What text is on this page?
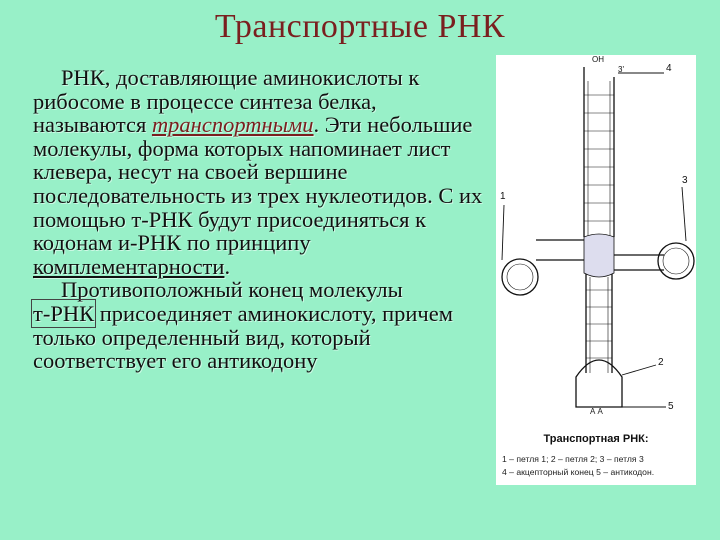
Транспортные РНК

РНК, доставляющие аминокислоты к рибосоме в процессе синтеза белка, называются транспортными. Эти небольшие молекулы, форма которых напоминает лист клевера, несут на своей вершине последовательность из трех нуклеотидов. С их помощью т-РНК будут присоединяться к кодонам и-РНК по принципу комплементарности.

Противоположный конец молекулы
т-РНК присоединяет аминокислоту, причем только определенный вид, который соответствует его антикодону

ОН
3'	4
3
1
2
5
А А
Транспортная РНК:
1 – петля 1; 2 – петля 2; 3 – петля 3
4 – акцепторный конец 5 – антикодон.
